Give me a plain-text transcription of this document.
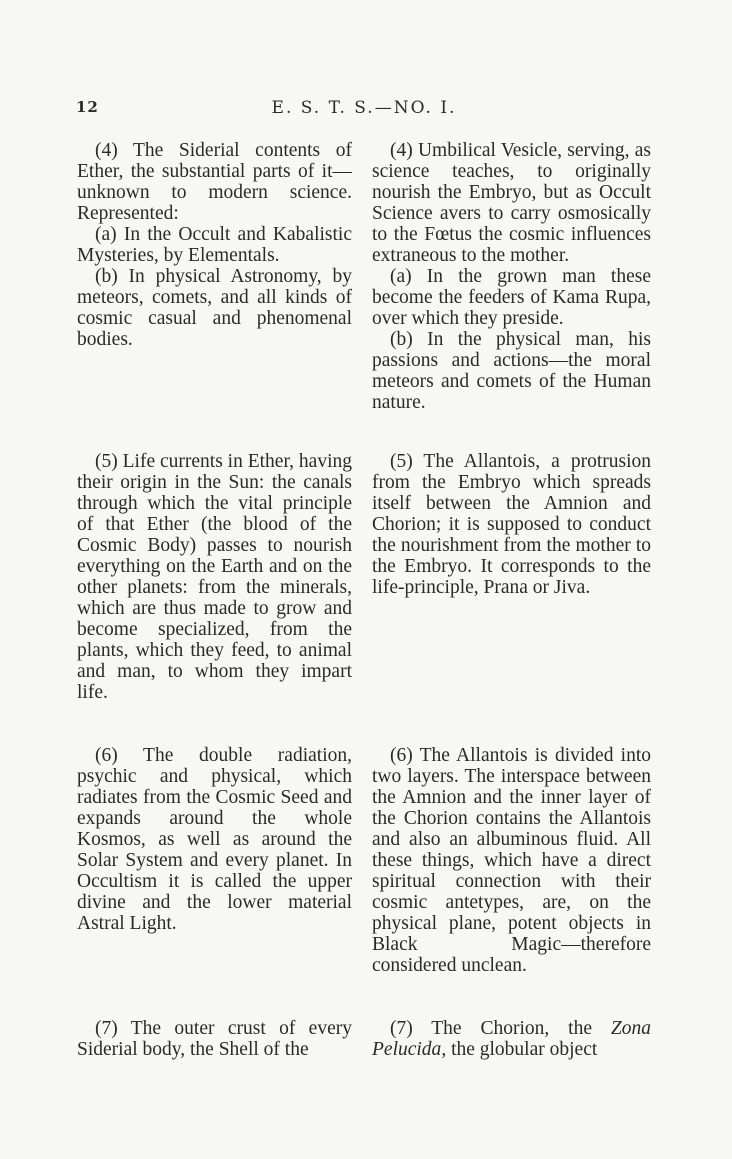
12	E. S. T. S.—NO. I.

(4) The Siderial contents of Ether, the substantial parts of it—unknown to modern science. Represented:

(a) In the Occult and Kabalistic Mysteries, by Elementals.

(b) In physical Astronomy, by meteors, comets, and all kinds of cosmic casual and phenomenal bodies.

(5) Life currents in Ether, having their origin in the Sun: the canals through which the vital principle of that Ether (the blood of the Cosmic Body) passes to nourish everything on the Earth and on the other planets: from the minerals, which are thus made to grow and become specialized, from the plants, which they feed, to animal and man, to whom they impart life.

(6) The double radiation, psychic and physical, which radiates from the Cosmic Seed and expands around the whole Kosmos, as well as around the Solar System and every planet. In Occultism it is called the upper divine and the lower material Astral Light.

(7) The outer crust of every Siderial body, the Shell of the

(4) Umbilical Vesicle, serving, as science teaches, to originally nourish the Embryo, but as Occult Science avers to carry osmosically to the Fœtus the cosmic influences extraneous to the mother.

(a) In the grown man these become the feeders of Kama Rupa, over which they preside.

(b) In the physical man, his passions and actions—the moral meteors and comets of the Human nature.

(5) The Allantois, a protrusion from the Embryo which spreads itself between the Amnion and Chorion; it is supposed to conduct the nourishment from the mother to the Embryo. It corresponds to the life-principle, Prana or Jiva.

(6) The Allantois is divided into two layers. The interspace between the Amnion and the inner layer of the Chorion contains the Allantois and also an albuminous fluid. All these things, which have a direct spiritual connection with their cosmic antetypes, are, on the physical plane, potent objects in Black Magic—therefore considered unclean.

(7) The Chorion, the Zona Pelucida, the globular object
